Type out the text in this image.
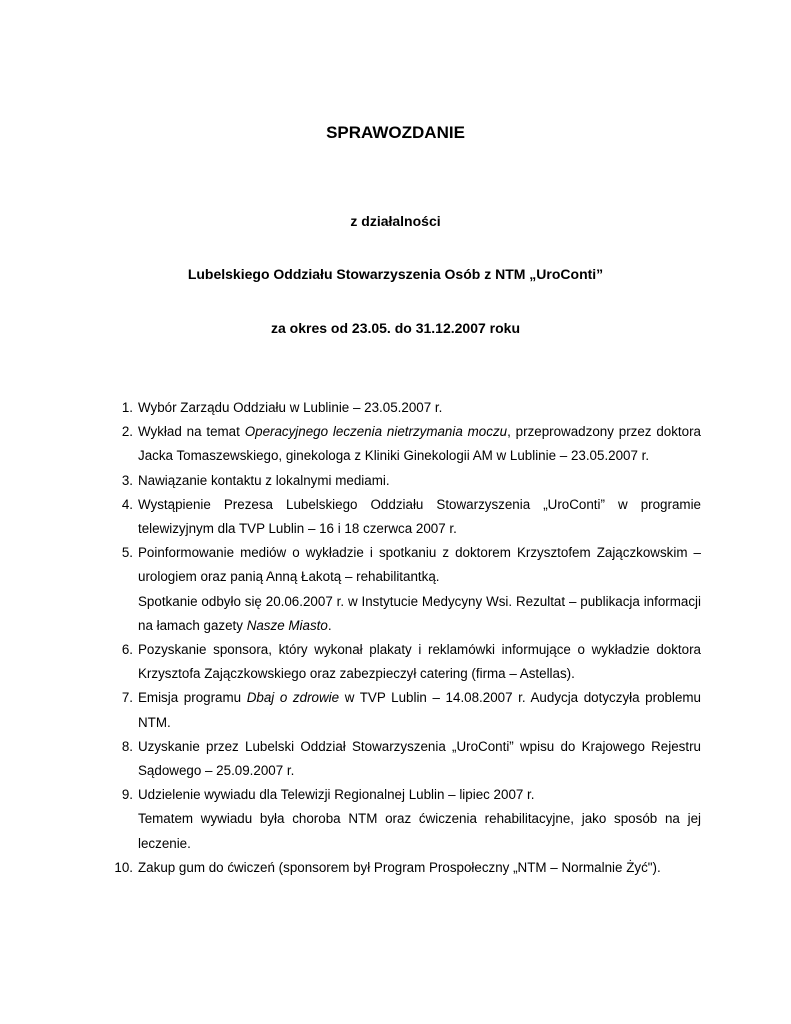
SPRAWOZDANIE
z działalności
Lubelskiego Oddziału Stowarzyszenia Osób z NTM „UroConti”
za okres od 23.05. do 31.12.2007 roku
1. Wybór Zarządu Oddziału w Lublinie – 23.05.2007 r.
2. Wykład na temat Operacyjnego leczenia nietrzymania moczu, przeprowadzony przez doktora Jacka Tomaszewskiego, ginekologa z Kliniki Ginekologii AM w Lublinie – 23.05.2007 r.
3. Nawiązanie kontaktu z lokalnymi mediami.
4. Wystąpienie Prezesa Lubelskiego Oddziału Stowarzyszenia „UroConti” w programie telewizyjnym dla TVP Lublin – 16 i 18 czerwca 2007 r.
5. Poinformowanie mediów o wykładzie i spotkaniu z doktorem Krzysztofem Zajączkowskim – urologiem oraz panią Anną Łakotą – rehabilitantką.
Spotkanie odbyło się 20.06.2007 r. w Instytucie Medycyny Wsi. Rezultat – publikacja informacji na łamach gazety Nasze Miasto.
6. Pozyskanie sponsora, który wykonał plakaty i reklamówki informujące o wykładzie doktora Krzysztofa Zajączkowskiego oraz zabezpieczył catering (firma – Astellas).
7. Emisja programu Dbaj o zdrowie w TVP Lublin – 14.08.2007 r. Audycja dotyczyła problemu NTM.
8. Uzyskanie przez Lubelski Oddział Stowarzyszenia „UroConti” wpisu do Krajowego Rejestru Sądowego – 25.09.2007 r.
9. Udzielenie wywiadu dla Telewizji Regionalnej Lublin – lipiec 2007 r.
Tematem wywiadu była choroba NTM oraz ćwiczenia rehabilitacyjne, jako sposób na jej leczenie.
10. Zakup gum do ćwiczeń (sponsorem był Program Prospołeczny „NTM – Normalnie Żyć").
